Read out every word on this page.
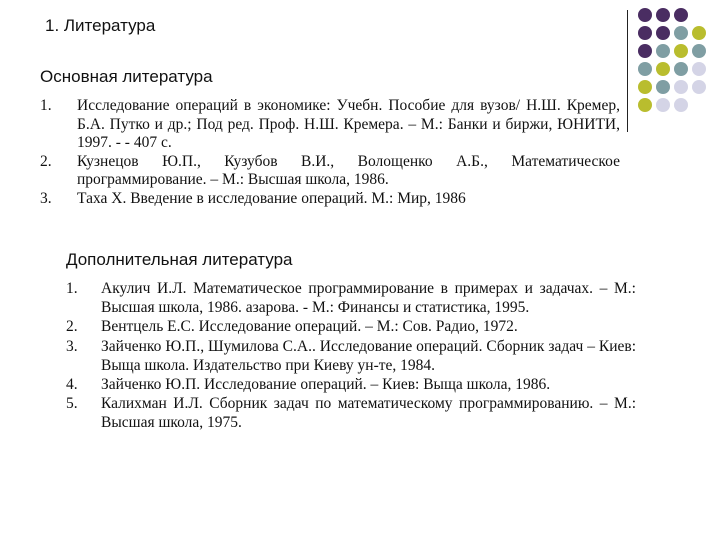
1. Литература
Основная литература
1.	Исследование операций в экономике: Учебн. Пособие для вузов/ Н.Ш. Кремер, Б.А. Путко и др.; Под ред. Проф. Н.Ш. Кремера. – М.: Банки и биржи, ЮНИТИ, 1997. - - 407 с.
2.	Кузнецов Ю.П., Кузубов В.И., Волощенко А.Б., Математическое программирование. – М.: Высшая школа, 1986.
3.	Таха Х. Введение в исследование операций. М.: Мир, 1986
Дополнительная литература
1.	Акулич И.Л. Математическое программирование в примерах и задачах. – М.: Высшая школа, 1986. азарова. - М.: Финансы и статистика, 1995.
2.	Вентцель Е.С. Исследование операций. – М.: Сов. Радио, 1972.
3.	Зайченко Ю.П., Шумилова С.А.. Исследование операций. Сборник задач – Киев: Выща школа. Издательство при Киеву ун-те, 1984.
4.	Зайченко Ю.П. Исследование операций. – Киев: Выща школа, 1986.
5.	Калихман И.Л. Сборник задач по математическому программированию. – М.: Высшая школа, 1975.
